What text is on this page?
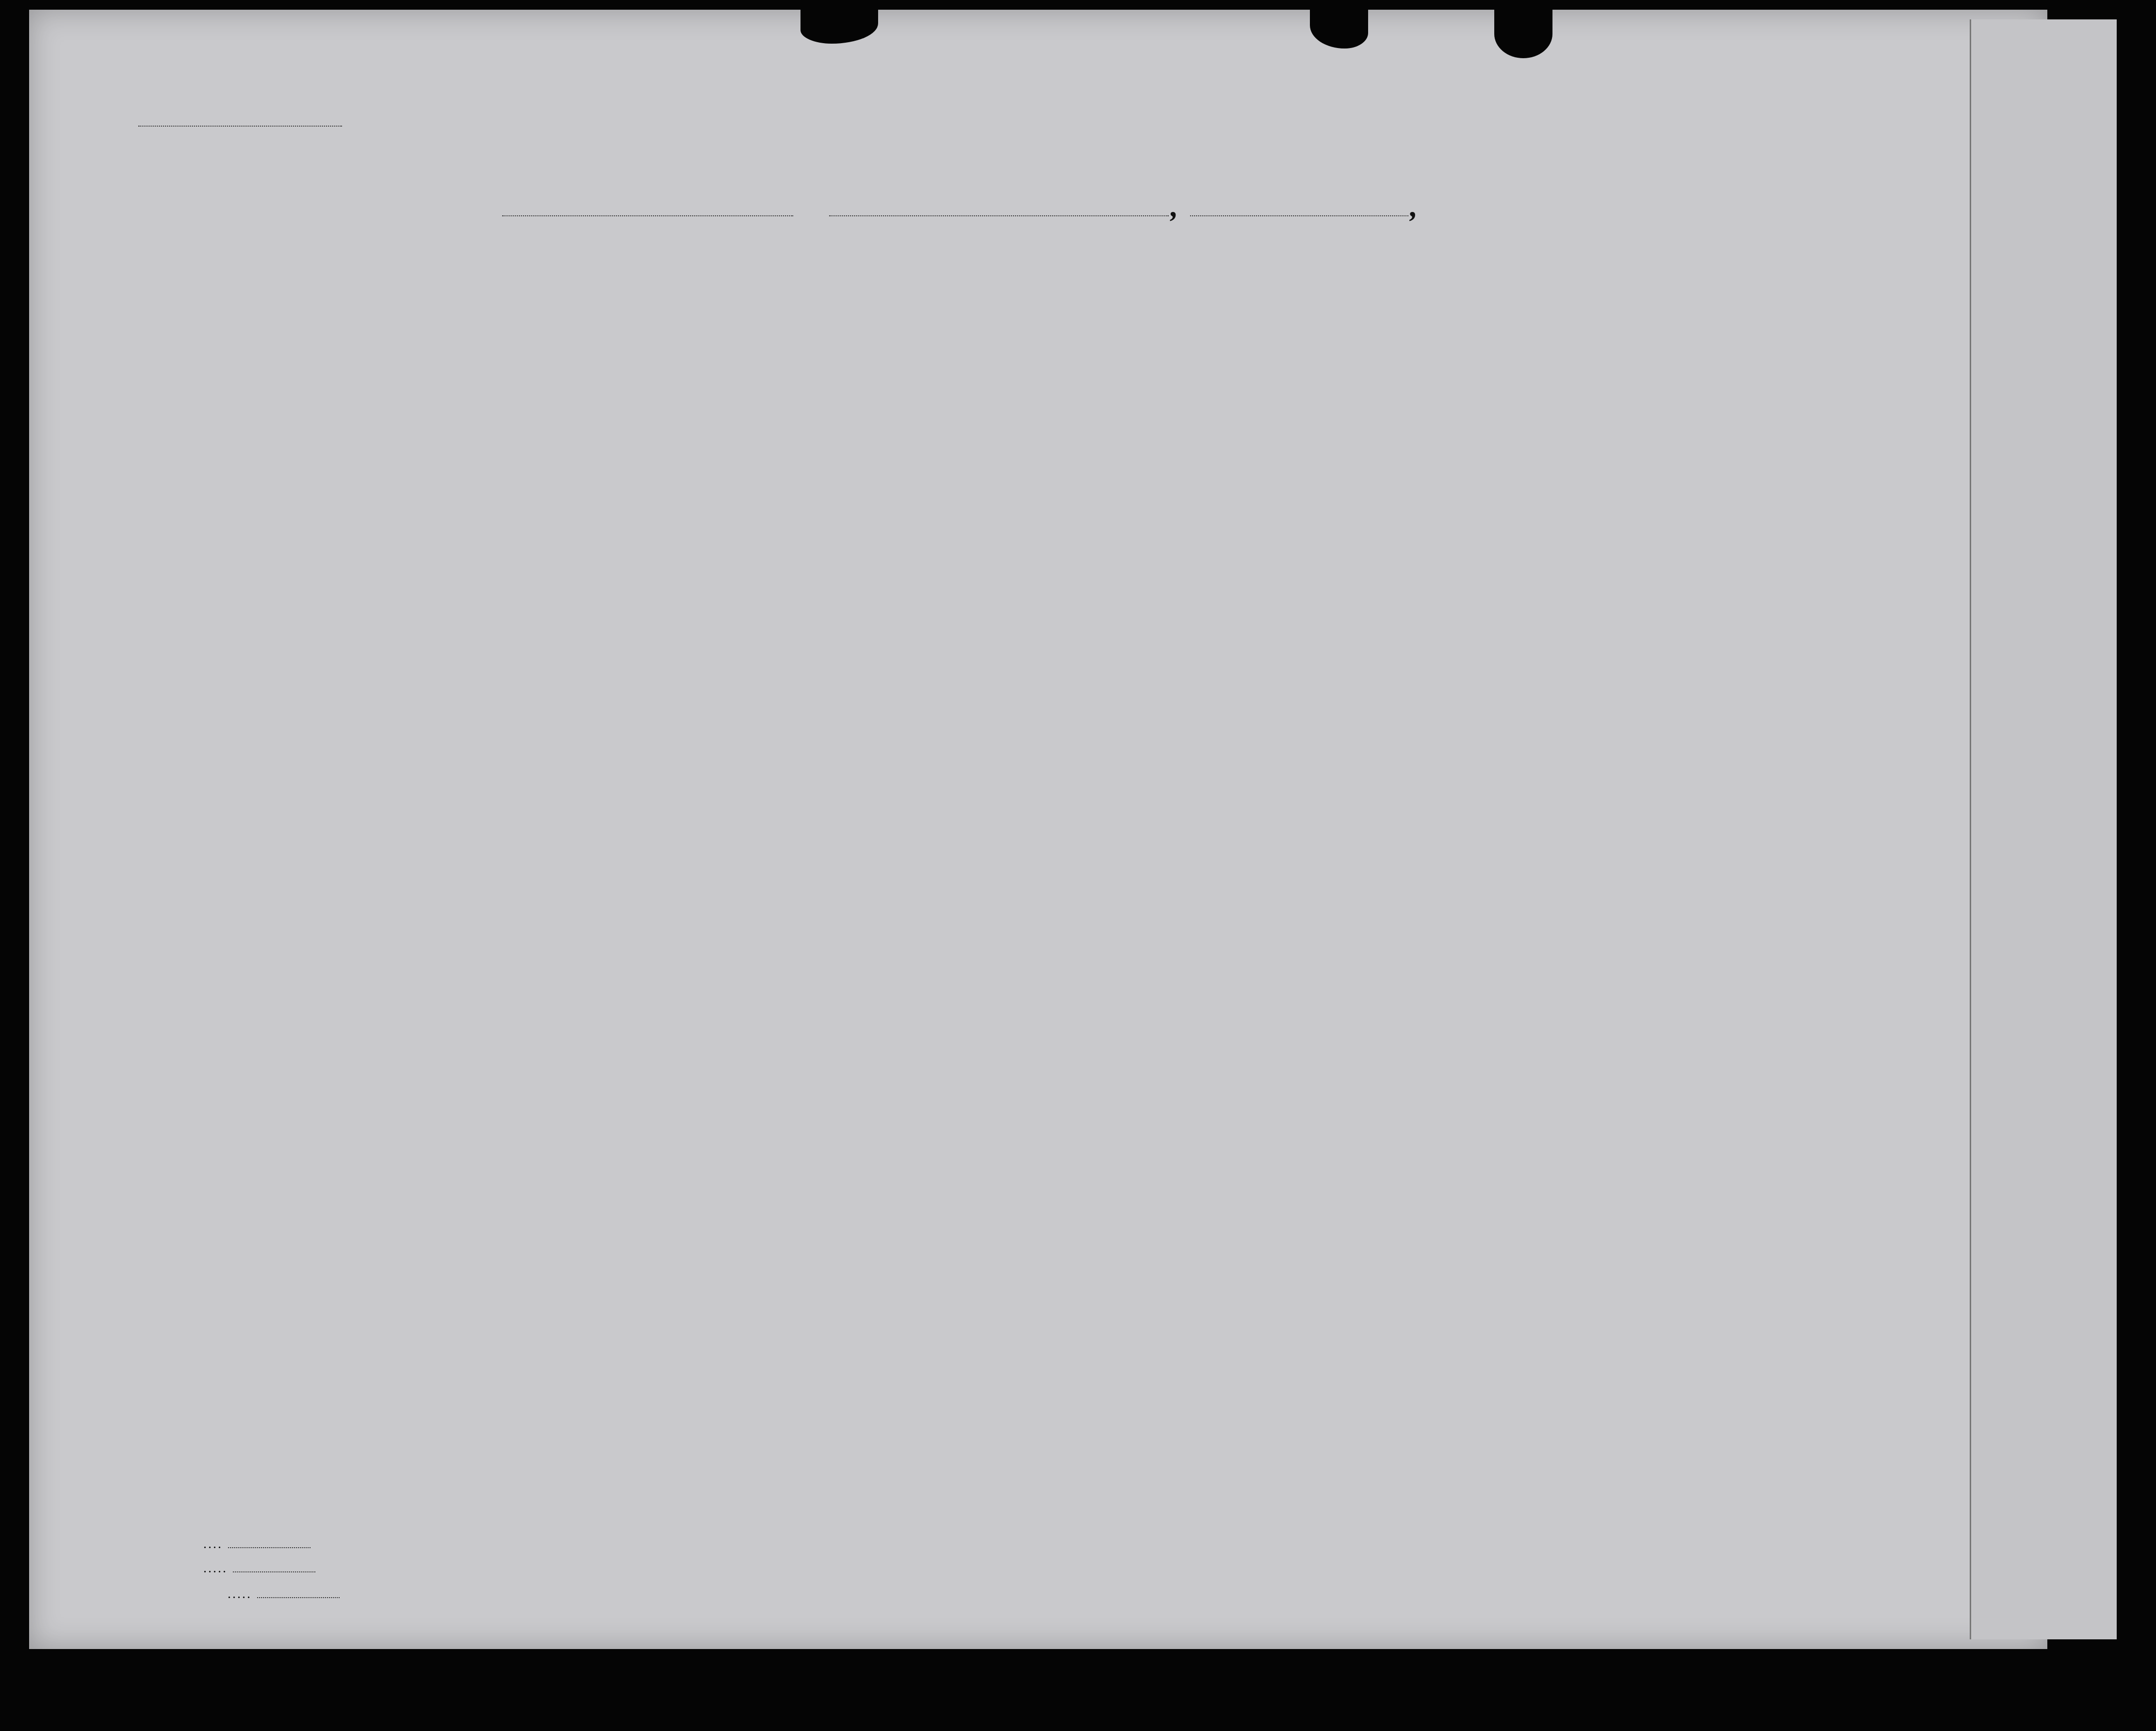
,	,
. . . .
. . . . .
. . . . .
